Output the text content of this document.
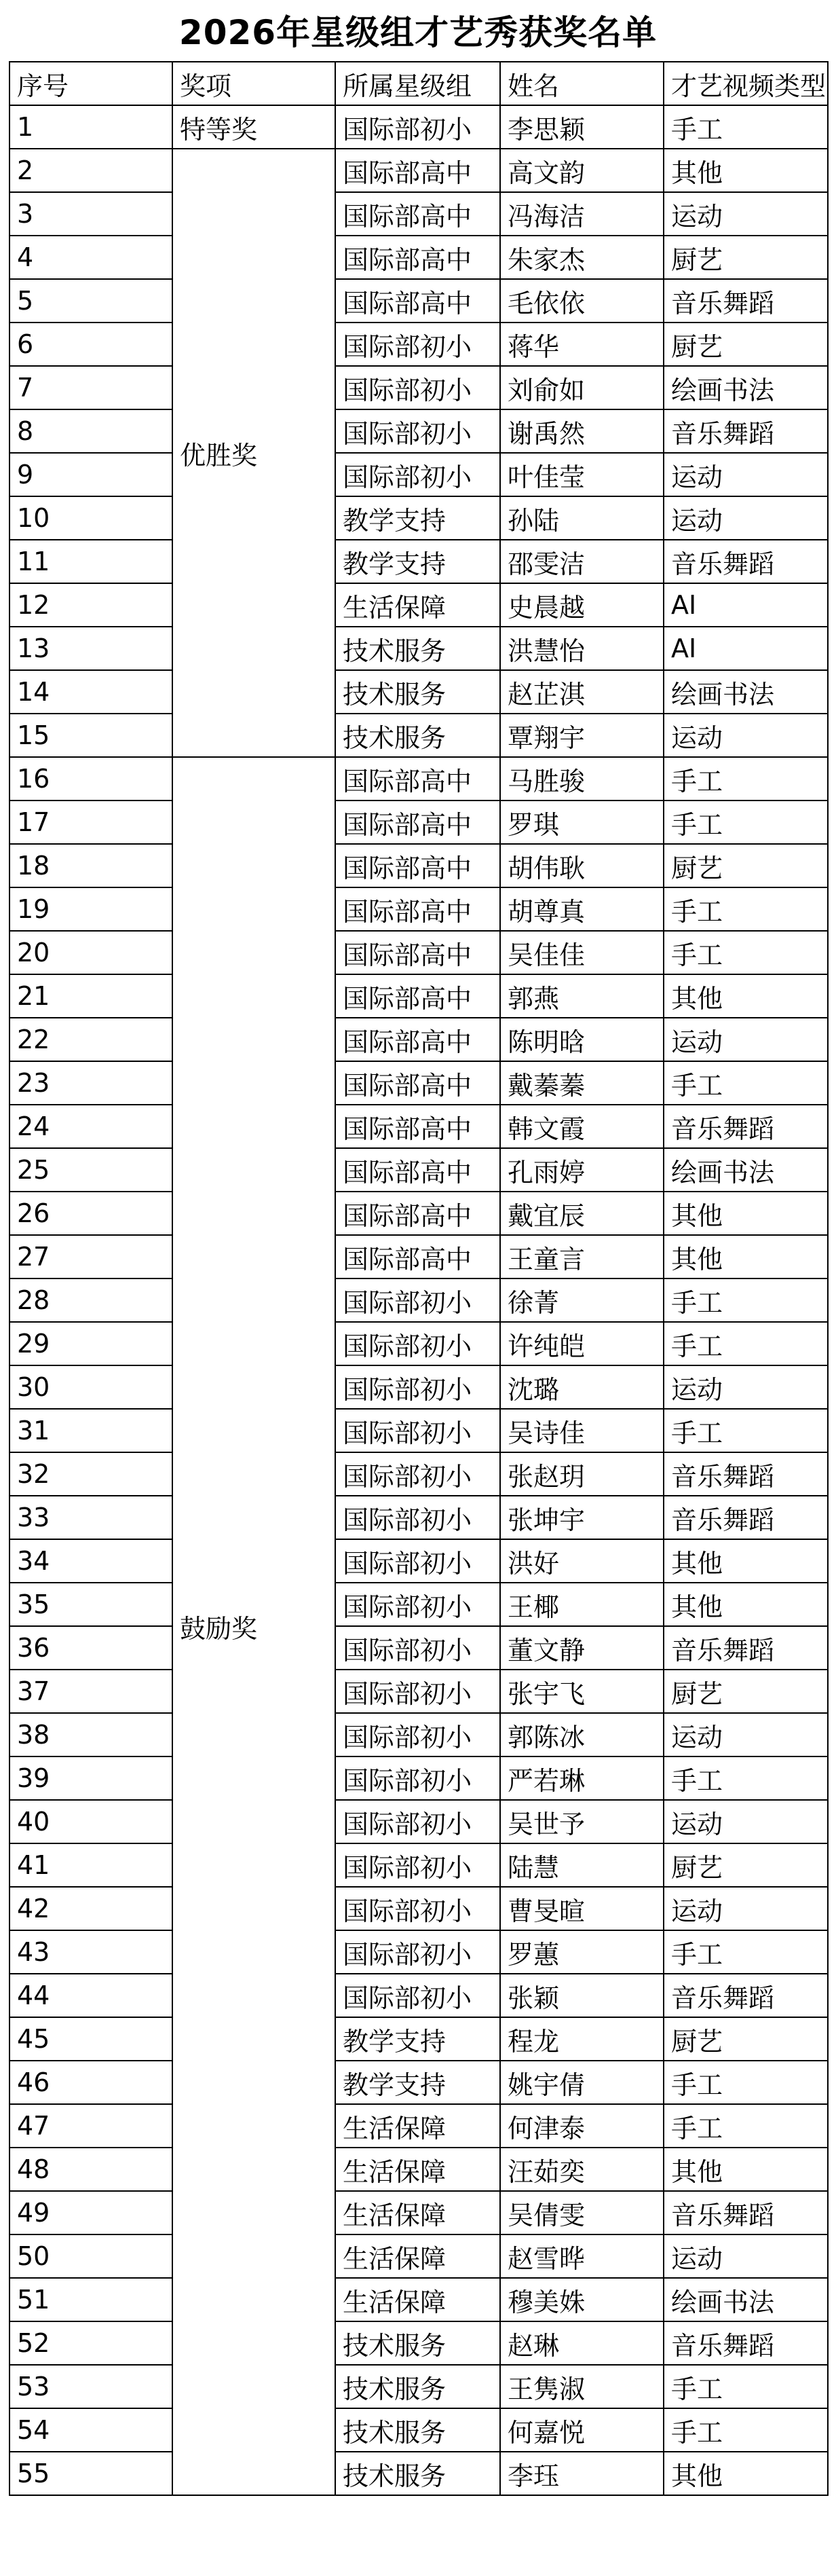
2026年星级组才艺秀获奖名单
序号	奖项	所属星级组	姓名	才艺视频类型
1	特等奖	国际部初小	李思颖	手工
2	优胜奖	国际部高中	高文韵	其他
3		国际部高中	冯海洁	运动
4		国际部高中	朱家杰	厨艺
5		国际部高中	毛依依	音乐舞蹈
6		国际部初小	蒋华	厨艺
7		国际部初小	刘俞如	绘画书法
8		国际部初小	谢禹然	音乐舞蹈
9		国际部初小	叶佳莹	运动
10		教学支持	孙陆	运动
11		教学支持	邵雯洁	音乐舞蹈
12		生活保障	史晨越	AI
13		技术服务	洪慧怡	AI
14		技术服务	赵芷淇	绘画书法
15		技术服务	覃翔宇	运动
16	鼓励奖	国际部高中	马胜骏	手工
17		国际部高中	罗琪	手工
18		国际部高中	胡伟耿	厨艺
19		国际部高中	胡尊真	手工
20		国际部高中	吴佳佳	手工
21		国际部高中	郭燕	其他
22		国际部高中	陈明晗	运动
23		国际部高中	戴蓁蓁	手工
24		国际部高中	韩文霞	音乐舞蹈
25		国际部高中	孔雨婷	绘画书法
26		国际部高中	戴宜辰	其他
27		国际部高中	王童言	其他
28		国际部初小	徐菁	手工
29		国际部初小	许纯皑	手工
30		国际部初小	沈璐	运动
31		国际部初小	吴诗佳	手工
32		国际部初小	张赵玥	音乐舞蹈
33		国际部初小	张坤宇	音乐舞蹈
34		国际部初小	洪好	其他
35		国际部初小	王椰	其他
36		国际部初小	董文静	音乐舞蹈
37		国际部初小	张宇飞	厨艺
38		国际部初小	郭陈冰	运动
39		国际部初小	严若琳	手工
40		国际部初小	吴世予	运动
41		国际部初小	陆慧	厨艺
42		国际部初小	曹旻暄	运动
43		国际部初小	罗蕙	手工
44		国际部初小	张颖	音乐舞蹈
45		教学支持	程龙	厨艺
46		教学支持	姚宇倩	手工
47		生活保障	何津泰	手工
48		生活保障	汪茹奕	其他
49		生活保障	吴倩雯	音乐舞蹈
50		生活保障	赵雪晔	运动
51		生活保障	穆美姝	绘画书法
52		技术服务	赵琳	音乐舞蹈
53		技术服务	王隽淑	手工
54		技术服务	何嘉悦	手工
55		技术服务	李珏	其他
